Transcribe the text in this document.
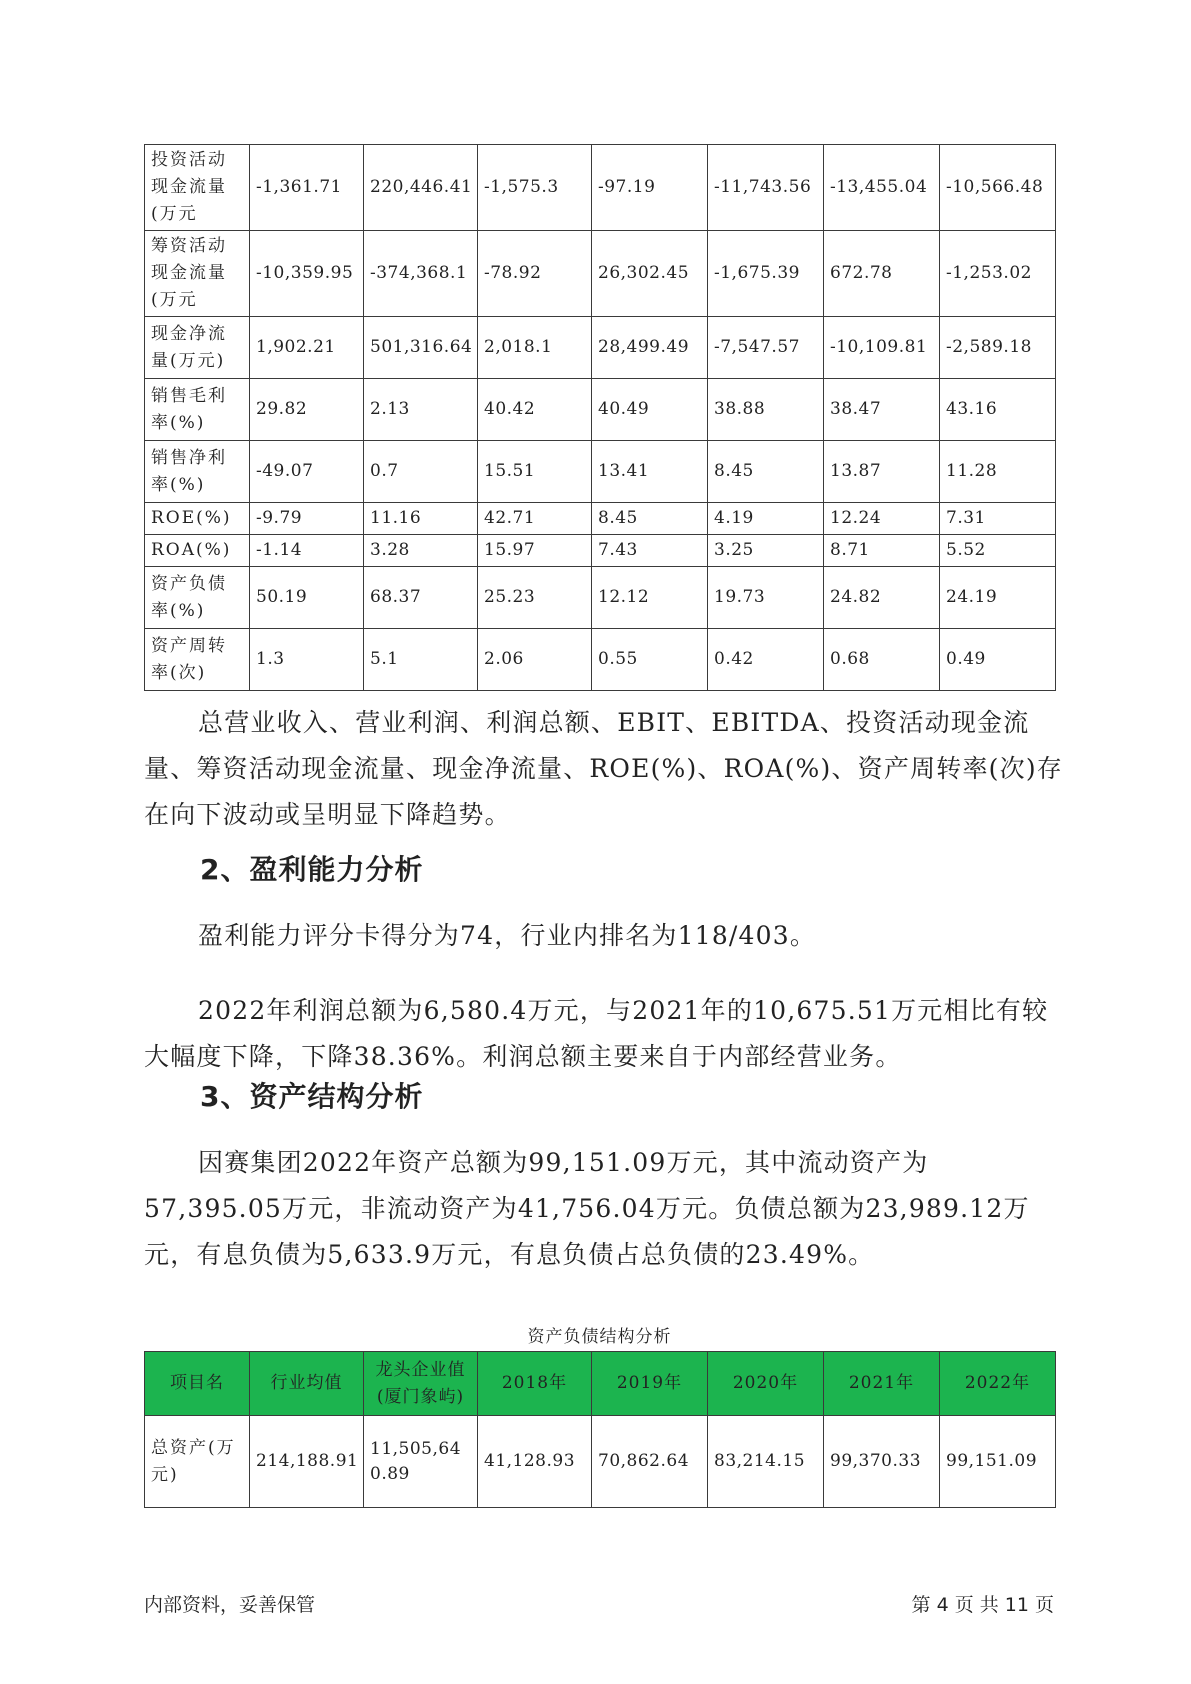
投资活动现金流量(万元	-1,361.71	220,446.41	-1,575.3	-97.19	-11,743.56	-13,455.04	-10,566.48
筹资活动现金流量(万元	-10,359.95	-374,368.1	-78.92	26,302.45	-1,675.39	672.78	-1,253.02
现金净流量(万元)	1,902.21	501,316.64	2,018.1	28,499.49	-7,547.57	-10,109.81	-2,589.18
销售毛利率(%)	29.82	2.13	40.42	40.49	38.88	38.47	43.16
销售净利率(%)	-49.07	0.7	15.51	13.41	8.45	13.87	11.28
ROE(%)	-9.79	11.16	42.71	8.45	4.19	12.24	7.31
ROA(%)	-1.14	3.28	15.97	7.43	3.25	8.71	5.52
资产负债率(%)	50.19	68.37	25.23	12.12	19.73	24.82	24.19
资产周转率(次)	1.3	5.1	2.06	0.55	0.42	0.68	0.49

总营业收入、营业利润、利润总额、EBIT、EBITDA、投资活动现金流量、筹资活动现金流量、现金净流量、ROE(%)、ROA(%)、资产周转率(次)存在向下波动或呈明显下降趋势。

2、盈利能力分析

盈利能力评分卡得分为74，行业内排名为118/403。

2022年利润总额为6,580.4万元，与2021年的10,675.51万元相比有较大幅度下降，下降38.36%。利润总额主要来自于内部经营业务。

3、资产结构分析

因赛集团2022年资产总额为99,151.09万元，其中流动资产为57,395.05万元，非流动资产为41,756.04万元。负债总额为23,989.12万元，有息负债为5,633.9万元，有息负债占总负债的23.49%。

资产负债结构分析

项目名	行业均值	龙头企业值(厦门象屿)	2018年	2019年	2020年	2021年	2022年
总资产(万元)	214,188.91	11,505,640.89	41,128.93	70,862.64	83,214.15	99,370.33	99,151.09
内部资料，妥善保管	第 4 页 共 11 页
